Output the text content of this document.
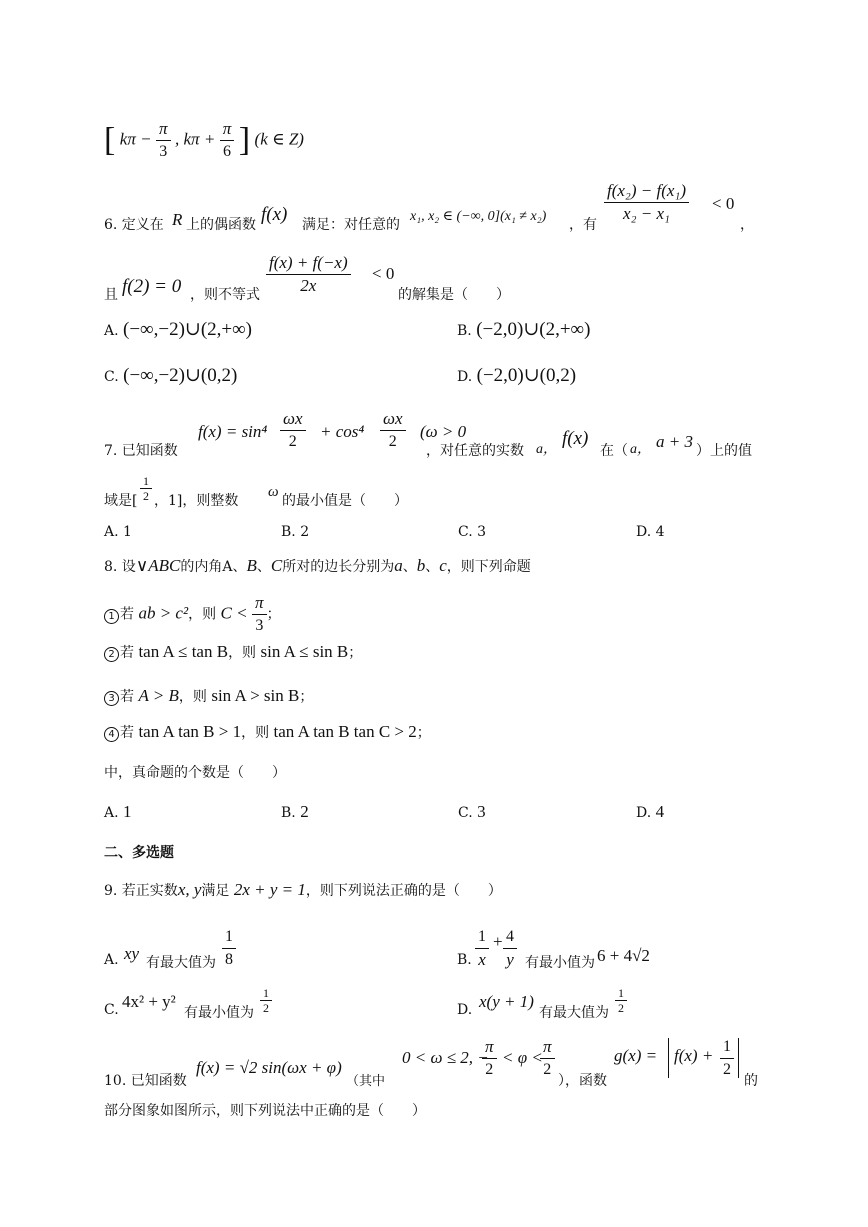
[ $k\pi - \frac{\pi}{3}$ , $k\pi + \frac{\pi}{6}$ ] (k ∈ Z)
6. 定义在 R 上的偶函数 f(x) 满足：对任意的
x₁, x₂ ∈ (−∞, 0](x₁ ≠ x₂)
，有 $\frac{\text{f(x₂) − f(x₁)}}{\text{x₂ − x₁}} < 0$
，
且 f(2) = 0 ，则不等式 $\frac{f(x) + f(-x)}{2x} < 0$
的解集是（　　）
A. (−∞,−2)∪(2,+∞)	B. (−2,0)∪(2,+∞)
C. (−∞,−2)∪(0,2)	D. (−2,0)∪(0,2)
7. 已知函数
$f(x) = \sin^4 \frac{\omega x}{2} + \cos^4 \frac{\omega x}{2} (\omega > 0$
，对任意的实数 a，
f(x)
在（ a， a + 3 ）上的值
域是[ $\frac{1}{2}$ ，1]，则整数
ω
的最小值是（　　）
A. 1	B. 2	C. 3	D. 4
8. 设∨ABC的内角A、B、C所对的边长分别为a、b、c，则下列命题
1 若 ab > c²，则 $C < \frac{\pi}{3}$ ；
2 若 tan A ≤ tan B，则 sin A ≤ sin B；
3 若 A > B，则 sin A > sin B；
4 若 tan A tan B > 1，则 tan A tan B tan C > 2；
中，真命题的个数是（　　）
A. 1	B. 2	C. 3	D. 4
二、多选题
9. 若正实数x, y满足 2x + y = 1，则下列说法正确的是（　　）
A. xy 有最大值为 $\frac{1}{8}$	B. $\frac{1}{x} + \frac{4}{y}$ 有最小值为 6 + 4√2
C. 4x² + y²
有最小值为 $\frac{1}{2}$	D. x(y + 1)
有最大值为 $\frac{1}{2}$
10. 已知函数
f(x) = √2 sin(ωx + φ)
（其中
0 < ω ≤ 2, −
$\frac{\pi}{2} < \varphi$ <
$\frac{\pi}{2}$ ），函数
$g(x) = f(x) + \frac{1}{2}$ 的
部分图象如图所示，则下列说法中正确的是（　　）
